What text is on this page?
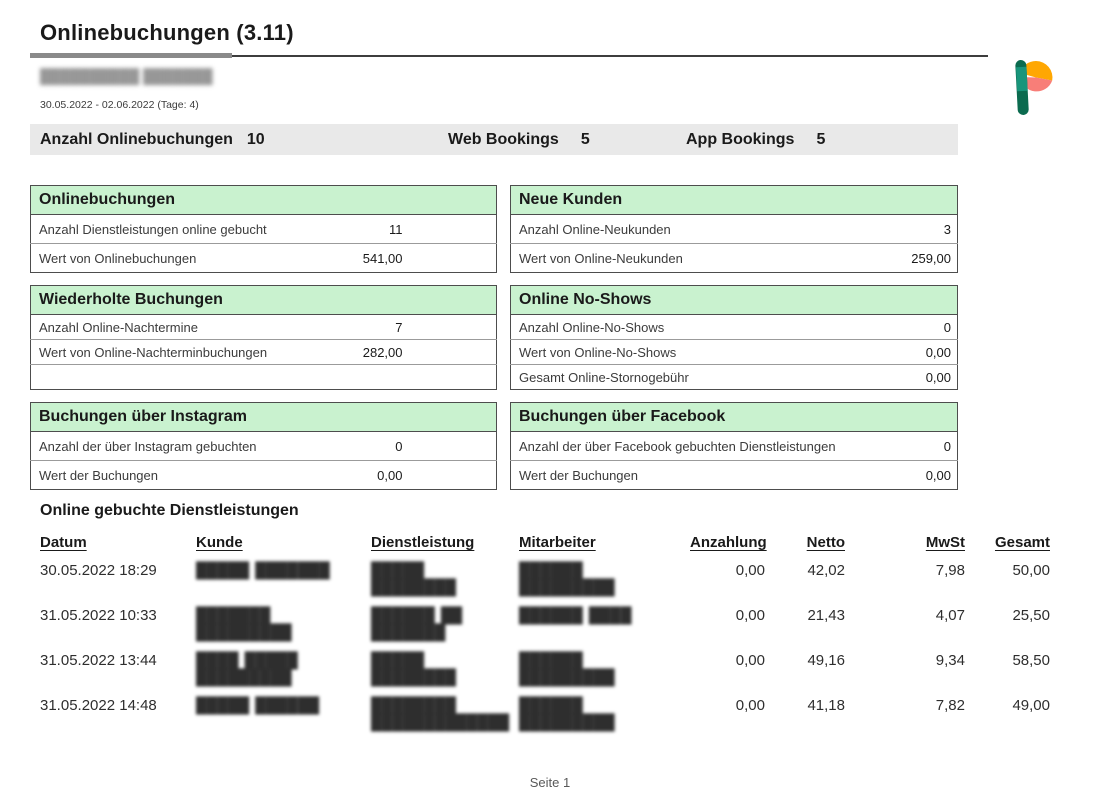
Onlinebuchungen (3.11)
██████████ ███████
30.05.2022 - 02.06.2022 (Tage: 4)
Anzahl Onlinebuchungen 10	Web Bookings 5	App Bookings 5
Onlinebuchungen		
Anzahl Dienstleistungen online gebucht	11	
Wert von Onlinebuchungen	541,00	
Neue Kunden	
Anzahl Online-Neukunden	3
Wert von Online-Neukunden	259,00
Wiederholte Buchungen		
Anzahl Online-Nachtermine	7	
Wert von Online-Nachterminbuchungen	282,00	

Online No-Shows	
Anzahl Online-No-Shows	0
Wert von Online-No-Shows	0,00
Gesamt Online-Stornogebühr	0,00
Buchungen über Instagram		
Anzahl der über Instagram gebuchten	0	
Wert der Buchungen	0,00	
Buchungen über Facebook	
Anzahl der über Facebook gebuchten Dienstleistungen	0
Wert der Buchungen	0,00
Online gebuchte Dienstleistungen
Datum	Kunde	Dienstleistung	Mitarbeiter	Anzahlung	Netto	MwSt	Gesamt
30.05.2022 18:29	█████ ███████	█████ ████████	██████ █████████	0,00	42,02	7,98	50,00
31.05.2022 10:33	███████ █████████	██████ ██ ███████	██████ ████	0,00	21,43	4,07	25,50
31.05.2022 13:44	████ █████ █████████	█████ ████████	██████ █████████	0,00	49,16	9,34	58,50
31.05.2022 14:48	█████ ██████	████████ █████████████	██████ █████████	0,00	41,18	7,82	49,00
Seite 1
